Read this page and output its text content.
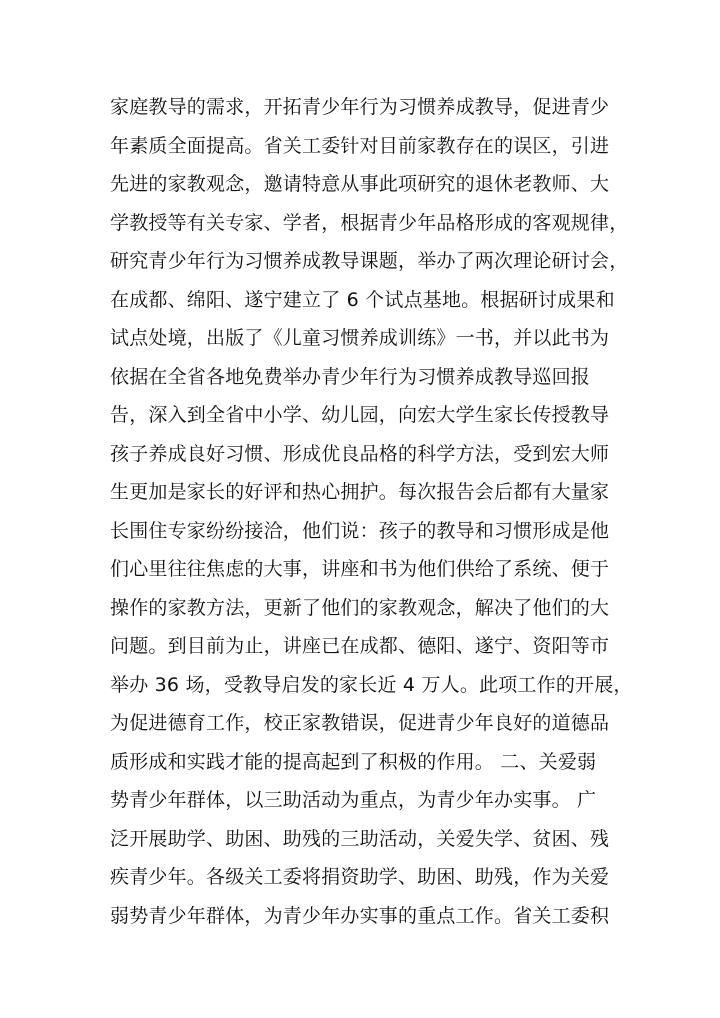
家庭教导的需求，开拓青少年行为习惯养成教导，促进青少
年素质全面提高。省关工委针对目前家教存在的误区，引进
先进的家教观念，邀请特意从事此项研究的退休老教师、大
学教授等有关专家、学者，根据青少年品格形成的客观规律，
研究青少年行为习惯养成教导课题，举办了两次理论研讨会，
在成都、绵阳、遂宁建立了 6 个试点基地。根据研讨成果和
试点处境，出版了《儿童习惯养成训练》一书，并以此书为
依据在全省各地免费举办青少年行为习惯养成教导巡回报
告，深入到全省中小学、幼儿园，向宏大学生家长传授教导
孩子养成良好习惯、形成优良品格的科学方法，受到宏大师
生更加是家长的好评和热心拥护。每次报告会后都有大量家
长围住专家纷纷接洽，他们说：孩子的教导和习惯形成是他
们心里往往焦虑的大事，讲座和书为他们供给了系统、便于
操作的家教方法，更新了他们的家教观念，解决了他们的大
问题。到目前为止，讲座已在成都、德阳、遂宁、资阳等市
举办 36 场，受教导启发的家长近 4 万人。此项工作的开展，
为促进德育工作，校正家教错误，促进青少年良好的道德品
质形成和实践才能的提高起到了积极的作用。 二、关爱弱
势青少年群体，以三助活动为重点，为青少年办实事。 广
泛开展助学、助困、助残的三助活动，关爱失学、贫困、残
疾青少年。各级关工委将捐资助学、助困、助残，作为关爱
弱势青少年群体，为青少年办实事的重点工作。省关工委积
